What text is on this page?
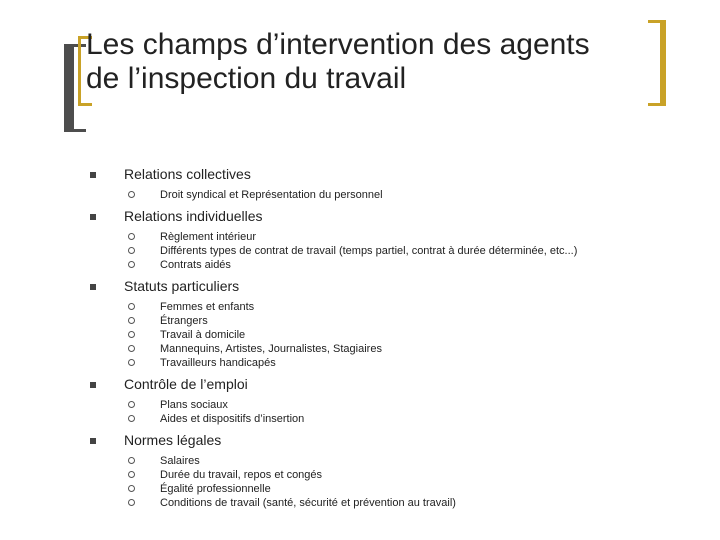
Les champs d’intervention des agents
de l’inspection du travail
Relations collectives
Droit syndical et Représentation du personnel
Relations individuelles
Règlement intérieur
Différents types de contrat de travail (temps partiel, contrat à durée déterminée, etc...)
Contrats aidés
Statuts particuliers
Femmes et enfants
Étrangers
Travail à domicile
Mannequins, Artistes, Journalistes, Stagiaires
Travailleurs handicapés
Contrôle de l’emploi
Plans sociaux
Aides et dispositifs d’insertion
Normes légales
Salaires
Durée du travail, repos et congés
Égalité professionnelle
Conditions de travail (santé, sécurité et prévention au travail)
